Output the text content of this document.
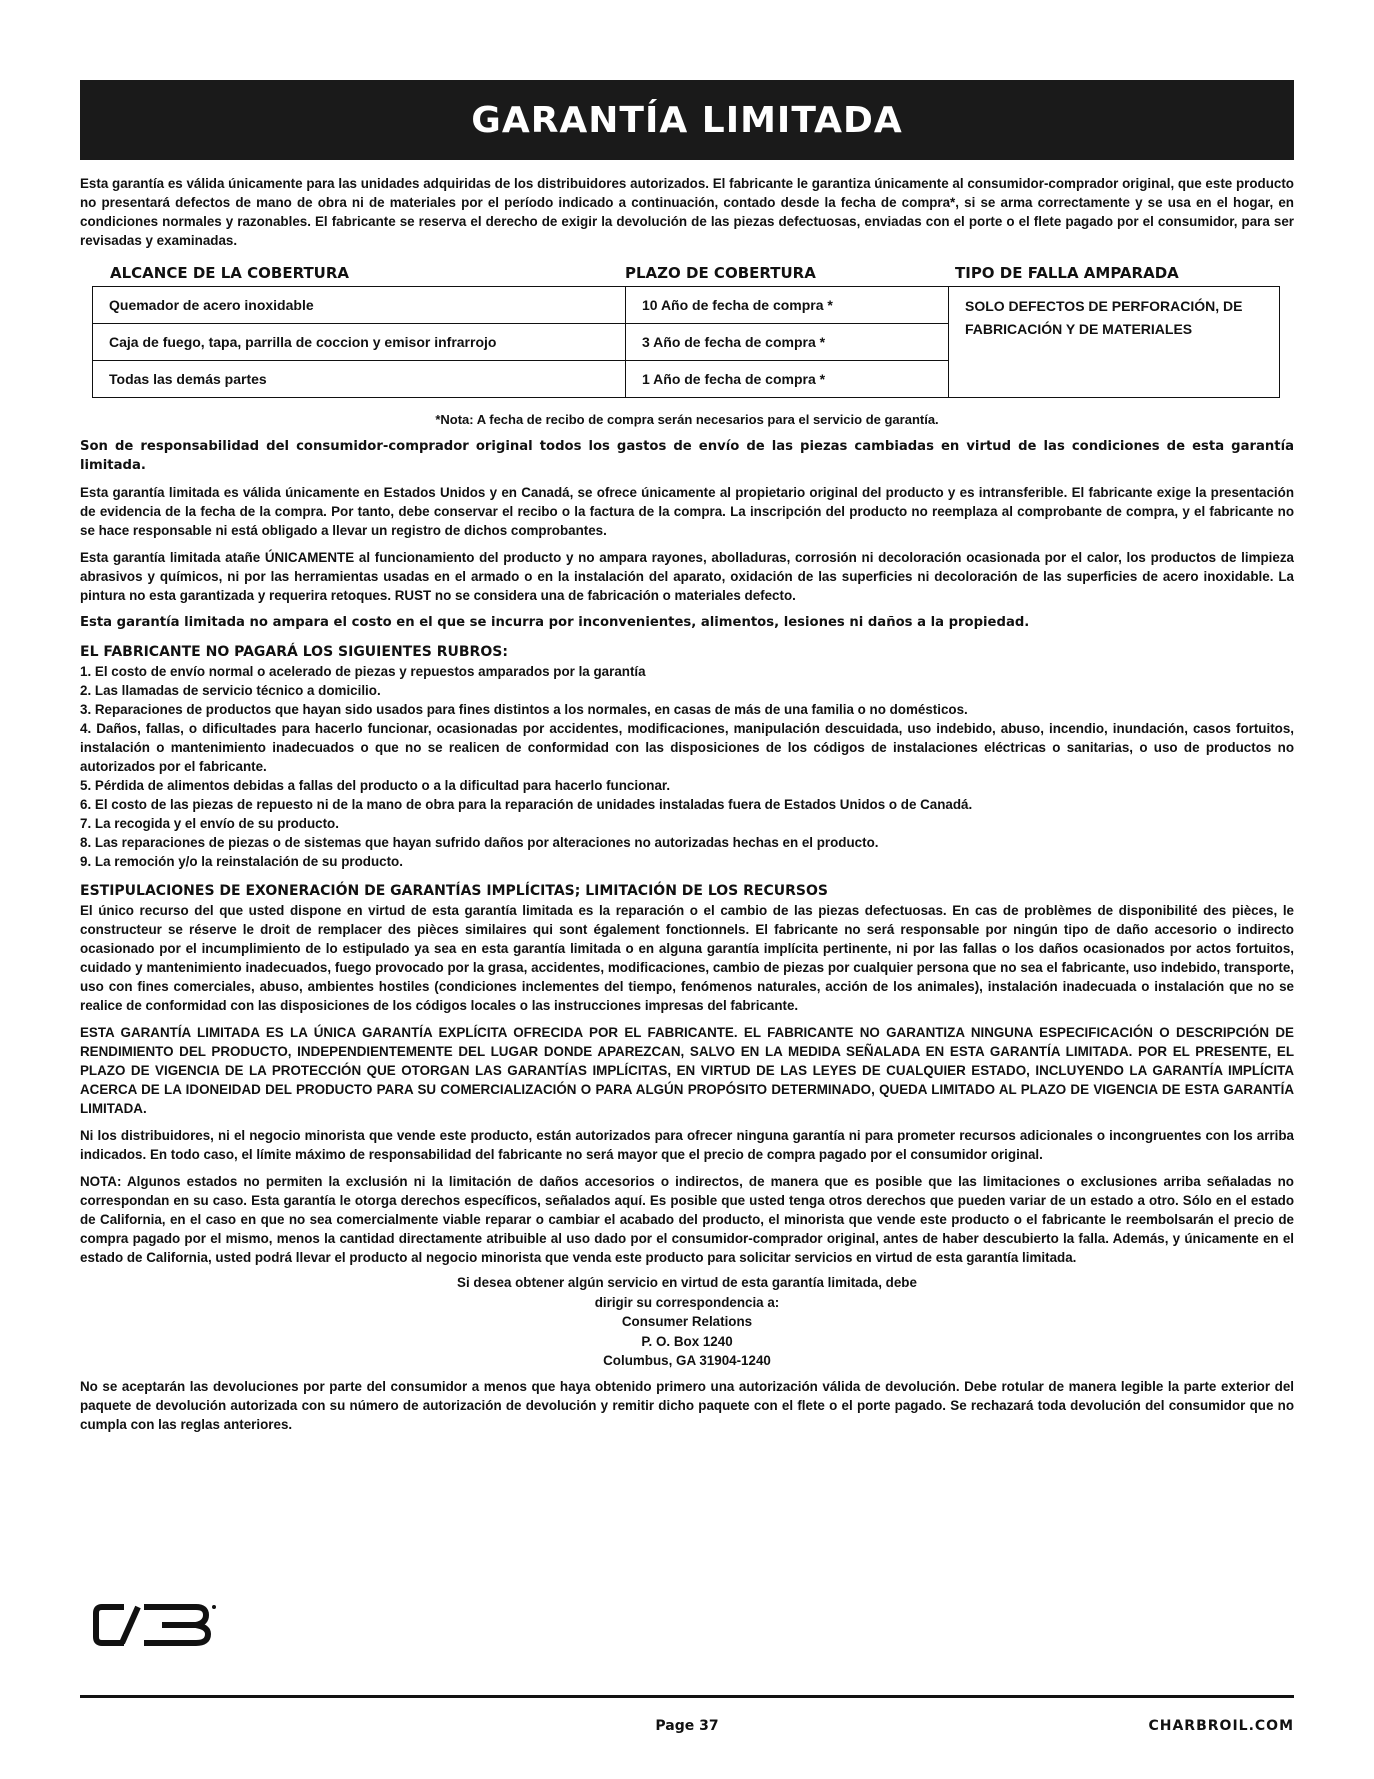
GARANTÍA LIMITADA

Esta garantía es válida únicamente para las unidades adquiridas de los distribuidores autorizados. El fabricante le garantiza únicamente al consumidor-comprador original, que este producto no presentará defectos de mano de obra ni de materiales por el período indicado a continuación, contado desde la fecha de compra*, si se arma correctamente y se usa en el hogar, en condiciones normales y razonables. El fabricante se reserva el derecho de exigir la devolución de las piezas defectuosas, enviadas con el porte o el flete pagado por el consumidor, para ser revisadas y examinadas.

ALCANCE DE LA COBERTURA	PLAZO DE COBERTURA	TIPO DE FALLA AMPARADA
Quemador de acero inoxidable	10 Año de fecha de compra *	SOLO DEFECTOS DE PERFORACIÓN, DE FABRICACIÓN Y DE MATERIALES
Caja de fuego, tapa, parrilla de coccion y emisor infrarrojo	3 Año de fecha de compra *	
Todas las demás partes	1 Año de fecha de compra *	
*Nota: A fecha de recibo de compra serán necesarios para el servicio de garantía.

Son de responsabilidad del consumidor-comprador original todos los gastos de envío de las piezas cambiadas en virtud de las condiciones de esta garantía limitada.

Esta garantía limitada es válida únicamente en Estados Unidos y en Canadá, se ofrece únicamente al propietario original del producto y es intransferible. El fabricante exige la presentación de evidencia de la fecha de la compra. Por tanto, debe conservar el recibo o la factura de la compra. La inscripción del producto no reemplaza al comprobante de compra, y el fabricante no se hace responsable ni está obligado a llevar un registro de dichos comprobantes.

Esta garantía limitada atañe ÚNICAMENTE al funcionamiento del producto y no ampara rayones, abolladuras, corrosión ni decoloración ocasionada por el calor, los productos de limpieza abrasivos y químicos, ni por las herramientas usadas en el armado o en la instalación del aparato, oxidación de las superficies ni decoloración de las superficies de acero inoxidable. La pintura no esta garantizada y requerira retoques. RUST no se considera una de fabricación o materiales defecto.

Esta garantía limitada no ampara el costo en el que se incurra por inconvenientes, alimentos, lesiones ni daños a la propiedad.

EL FABRICANTE NO PAGARÁ LOS SIGUIENTES RUBROS:
1. El costo de envío normal o acelerado de piezas y repuestos amparados por la garantía
2. Las llamadas de servicio técnico a domicilio.
3. Reparaciones de productos que hayan sido usados para fines distintos a los normales, en casas de más de una familia o no domésticos.
4. Daños, fallas, o dificultades para hacerlo funcionar, ocasionadas por accidentes, modificaciones, manipulación descuidada, uso indebido, abuso, incendio, inundación, casos fortuitos, instalación o mantenimiento inadecuados o que no se realicen de conformidad con las disposiciones de los códigos de instalaciones eléctricas o sanitarias, o uso de productos no autorizados por el fabricante.
5. Pérdida de alimentos debidas a fallas del producto o a la dificultad para hacerlo funcionar.
6. El costo de las piezas de repuesto ni de la mano de obra para la reparación de unidades instaladas fuera de Estados Unidos o de Canadá.
7. La recogida y el envío de su producto.
8. Las reparaciones de piezas o de sistemas que hayan sufrido daños por alteraciones no autorizadas hechas en el producto.
9. La remoción y/o la reinstalación de su producto.
ESTIPULACIONES DE EXONERACIÓN DE GARANTÍAS IMPLÍCITAS; LIMITACIÓN DE LOS RECURSOS

El único recurso del que usted dispone en virtud de esta garantía limitada es la reparación o el cambio de las piezas defectuosas. En cas de problèmes de disponibilité des pièces, le constructeur se réserve le droit de remplacer des pièces similaires qui sont également fonctionnels. El fabricante no será responsable por ningún tipo de daño accesorio o indirecto ocasionado por el incumplimiento de lo estipulado ya sea en esta garantía limitada o en alguna garantía implícita pertinente, ni por las fallas o los daños ocasionados por actos fortuitos, cuidado y mantenimiento inadecuados, fuego provocado por la grasa, accidentes, modificaciones, cambio de piezas por cualquier persona que no sea el fabricante, uso indebido, transporte, uso con fines comerciales, abuso, ambientes hostiles (condiciones inclementes del tiempo, fenómenos naturales, acción de los animales), instalación inadecuada o instalación que no se realice de conformidad con las disposiciones de los códigos locales o las instrucciones impresas del fabricante.

ESTA GARANTÍA LIMITADA ES LA ÚNICA GARANTÍA EXPLÍCITA OFRECIDA POR EL FABRICANTE. EL FABRICANTE NO GARANTIZA NINGUNA ESPECIFICACIÓN O DESCRIPCIÓN DE RENDIMIENTO DEL PRODUCTO, INDEPENDIENTEMENTE DEL LUGAR DONDE APAREZCAN, SALVO EN LA MEDIDA SEÑALADA EN ESTA GARANTÍA LIMITADA. POR EL PRESENTE, EL PLAZO DE VIGENCIA DE LA PROTECCIÓN QUE OTORGAN LAS GARANTÍAS IMPLÍCITAS, EN VIRTUD DE LAS LEYES DE CUALQUIER ESTADO, INCLUYENDO LA GARANTÍA IMPLÍCITA ACERCA DE LA IDONEIDAD DEL PRODUCTO PARA SU COMERCIALIZACIÓN O PARA ALGÚN PROPÓSITO DETERMINADO, QUEDA LIMITADO AL PLAZO DE VIGENCIA DE ESTA GARANTÍA LIMITADA.

Ni los distribuidores, ni el negocio minorista que vende este producto, están autorizados para ofrecer ninguna garantía ni para prometer recursos adicionales o incongruentes con los arriba indicados. En todo caso, el límite máximo de responsabilidad del fabricante no será mayor que el precio de compra pagado por el consumidor original.

NOTA: Algunos estados no permiten la exclusión ni la limitación de daños accesorios o indirectos, de manera que es posible que las limitaciones o exclusiones arriba señaladas no correspondan en su caso. Esta garantía le otorga derechos específicos, señalados aquí. Es posible que usted tenga otros derechos que pueden variar de un estado a otro. Sólo en el estado de California, en el caso en que no sea comercialmente viable reparar o cambiar el acabado del producto, el minorista que vende este producto o el fabricante le reembolsarán el precio de compra pagado por el mismo, menos la cantidad directamente atribuible al uso dado por el consumidor-comprador original, antes de haber descubierto la falla. Además, y únicamente en el estado de California, usted podrá llevar el producto al negocio minorista que venda este producto para solicitar servicios en virtud de esta garantía limitada.

Si desea obtener algún servicio en virtud de esta garantía limitada, debe
dirigir su correspondencia a:
Consumer Relations
P. O. Box 1240
Columbus, GA 31904-1240

No se aceptarán las devoluciones por parte del consumidor a menos que haya obtenido primero una autorización válida de devolución. Debe rotular de manera legible la parte exterior del paquete de devolución autorizada con su número de autorización de devolución y remitir dicho paquete con el flete o el porte pagado. Se rechazará toda devolución del consumidor que no cumpla con las reglas anteriores.

Page 37	CHARBROIL.COM
